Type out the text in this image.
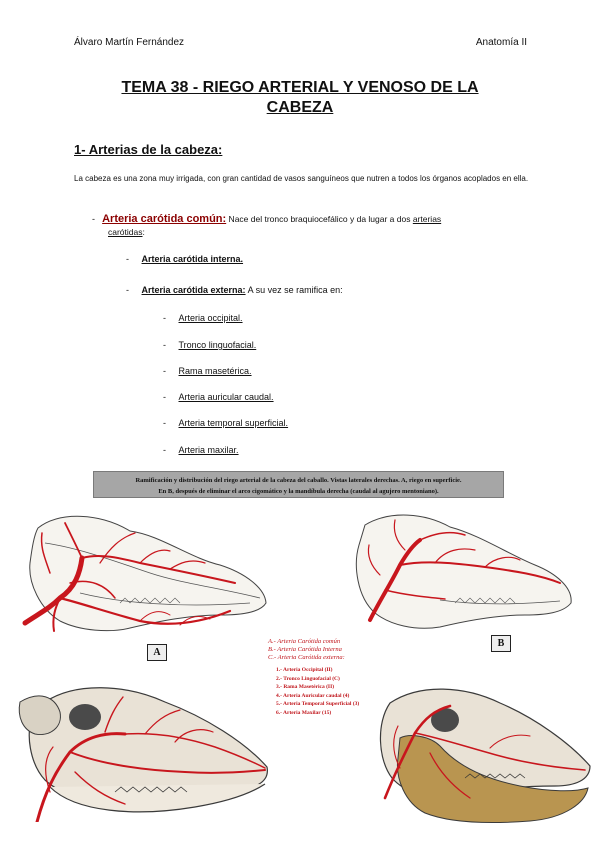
Álvaro Martín Fernández	Anatomía II
TEMA 38 - RIEGO ARTERIAL Y VENOSO DE LA
CABEZA
1- Arterias de la cabeza:
La cabeza es una zona muy irrigada, con gran cantidad de vasos sanguíneos que nutren a todos los órganos acoplados en ella.
- Arteria carótida común: Nace del tronco braquiocefálico y da lugar a dos arterias
carótidas:
- Arteria carótida interna.
- Arteria carótida externa: A su vez se ramifica en:
- Arteria occipital.
- Tronco linguofacial.
- Rama masetérica.
- Arteria auricular caudal.
- Arteria temporal superficial.
- Arteria maxilar.
Ramificación y distribución del riego arterial de la cabeza del caballo. Vistas laterales derechas. A, riego en superficie.
En B, después de eliminar el arco cigomático y la mandíbula derecha (caudal al agujero mentoniano).
A
B
A.- Arteria Carótida común
B.- Arteria Carótida Interna
C.- Arteria Carótida externa:
1.- Arteria Occipital (II)
2.- Tronco Linguofacial (C)
3.- Rama Masetérica (II)
4.- Arteria Auricular caudal (4)
5.- Arteria Temporal Superficial (3)
6.- Arteria Maxilar (15)
